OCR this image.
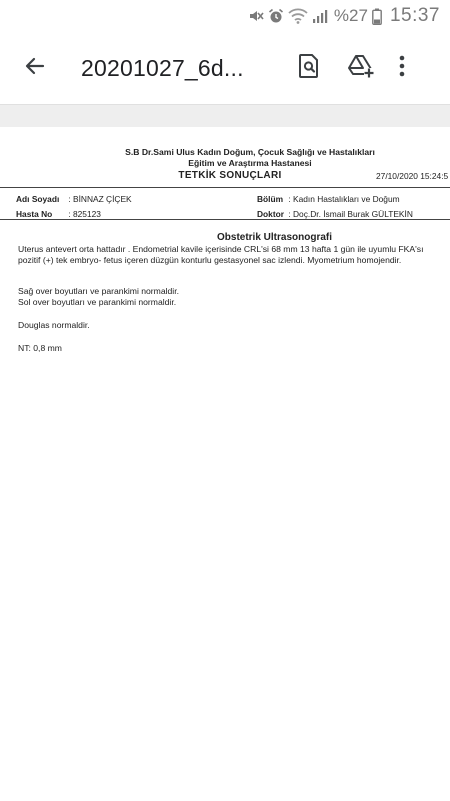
%27 15:37
20201027_6d...
S.B Dr.Sami Ulus Kadın Doğum, Çocuk Sağlığı ve Hastalıkları
Eğitim ve Araştırma Hastanesi
TETKİK SONUÇLARI	27/10/2020 15:24:5
Adı Soyadı : BİNNAZ ÇİÇEK
Hasta No : 825123
Bölüm : Kadın Hastalıkları ve Doğum
Doktor : Doç.Dr. İsmail Burak GÜLTEKİN
Obstetrik Ultrasonografi
Uterus antevert orta hattadır . Endometrial kavile içerisinde CRL'si 68 mm 13 hafta 1 gün ile uyumlu FKA'sı pozitif (+) tek embryo- fetus içeren düzgün konturlu gestasyonel sac izlendi. Myometrium homojendir.
Sağ over boyutları ve parankimi normaldir.
Sol over boyutları ve parankimi normaldir.
Douglas normaldir.
NT: 0,8 mm
